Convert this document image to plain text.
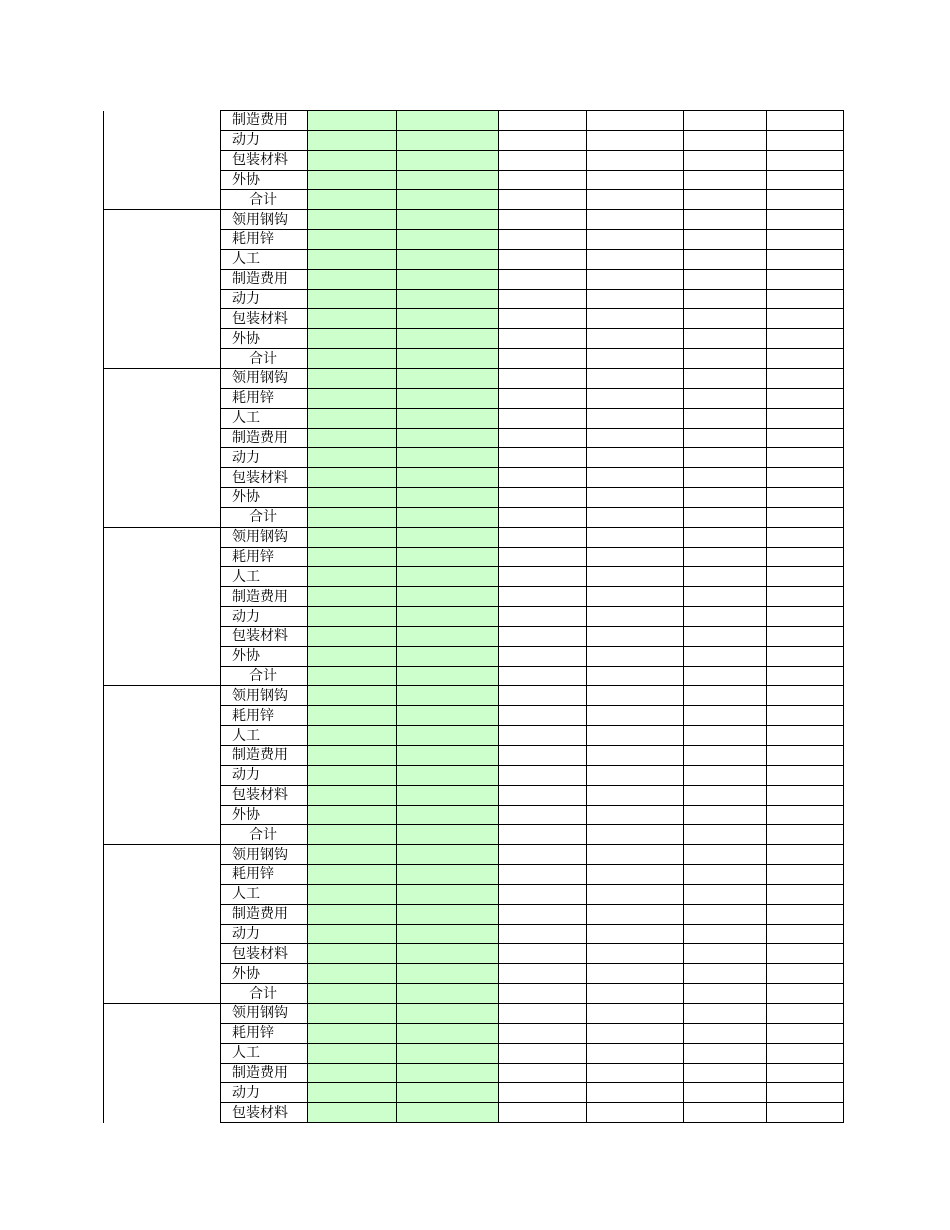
	制造费用						
	动力						
	包装材料						
	外协						
	合计						
	领用钢钩						
	耗用锌						
	人工						
	制造费用						
	动力						
	包装材料						
	外协						
	合计						
	领用钢钩						
	耗用锌						
	人工						
	制造费用						
	动力						
	包装材料						
	外协						
	合计						
	领用钢钩						
	耗用锌						
	人工						
	制造费用						
	动力						
	包装材料						
	外协						
	合计						
	领用钢钩						
	耗用锌						
	人工						
	制造费用						
	动力						
	包装材料						
	外协						
	合计						
	领用钢钩						
	耗用锌						
	人工						
	制造费用						
	动力						
	包装材料						
	外协						
	合计						
	领用钢钩						
	耗用锌						
	人工						
	制造费用						
	动力						
	包装材料						
